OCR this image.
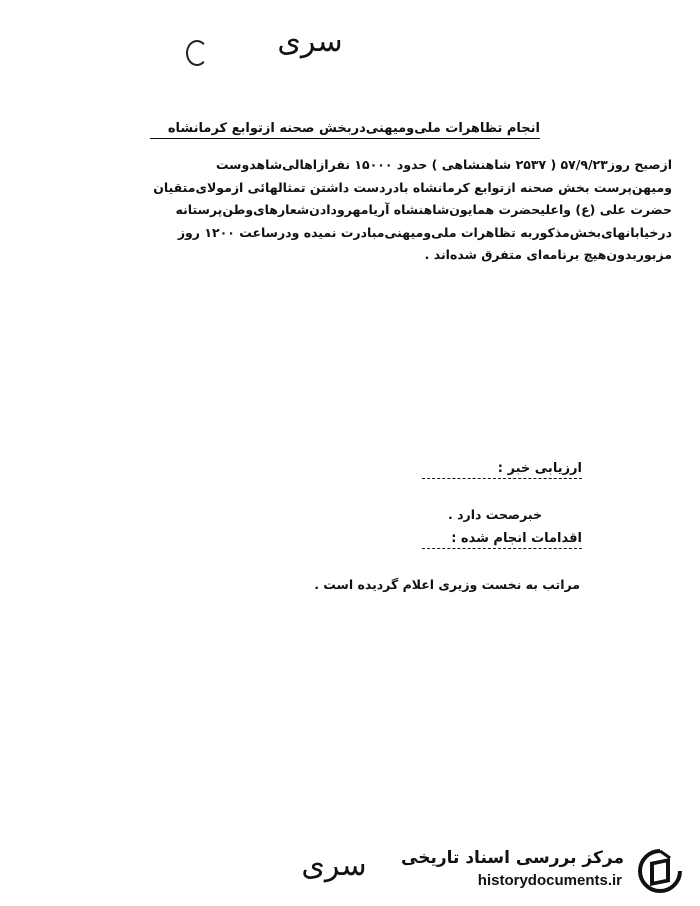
سری
انجام تظاهرات ملی‌ومیهنی‌دربخش صحنه ازتوابع کرمانشاه
ازصبح روز۵۷/۹/۲۳ ( ۲۵۳۷ شاهنشاهی ) حدود ۱۵۰۰۰ نفرازاهالی‌شاهدوست
ومیهن‌پرست بخش صحنه ازتوابع کرمانشاه بادردست داشتن تمثالهائی ازمولای‌متقیان
حضرت علی (ع) واعلیحضرت همایون‌شاهنشاه آریامهرودادن‌شعارهای‌وطن‌پرستانه
درخیابانهای‌بخش‌مذکوربه تظاهرات ملی‌ومیهنی‌مبادرت نمیده ودرساعت ۱۲۰۰ روز
مزبوربدون‌هیچ‌ برنامه‌ای متفرق شده‌اند .
ارزیابی خبر :
خبرصحت دارد .
اقدامات انجام شده :
مراتب به نخست وزیری اعلام گردیده است .
سری	مرکز بررسی اسناد تاریخی
historydocuments.ir
